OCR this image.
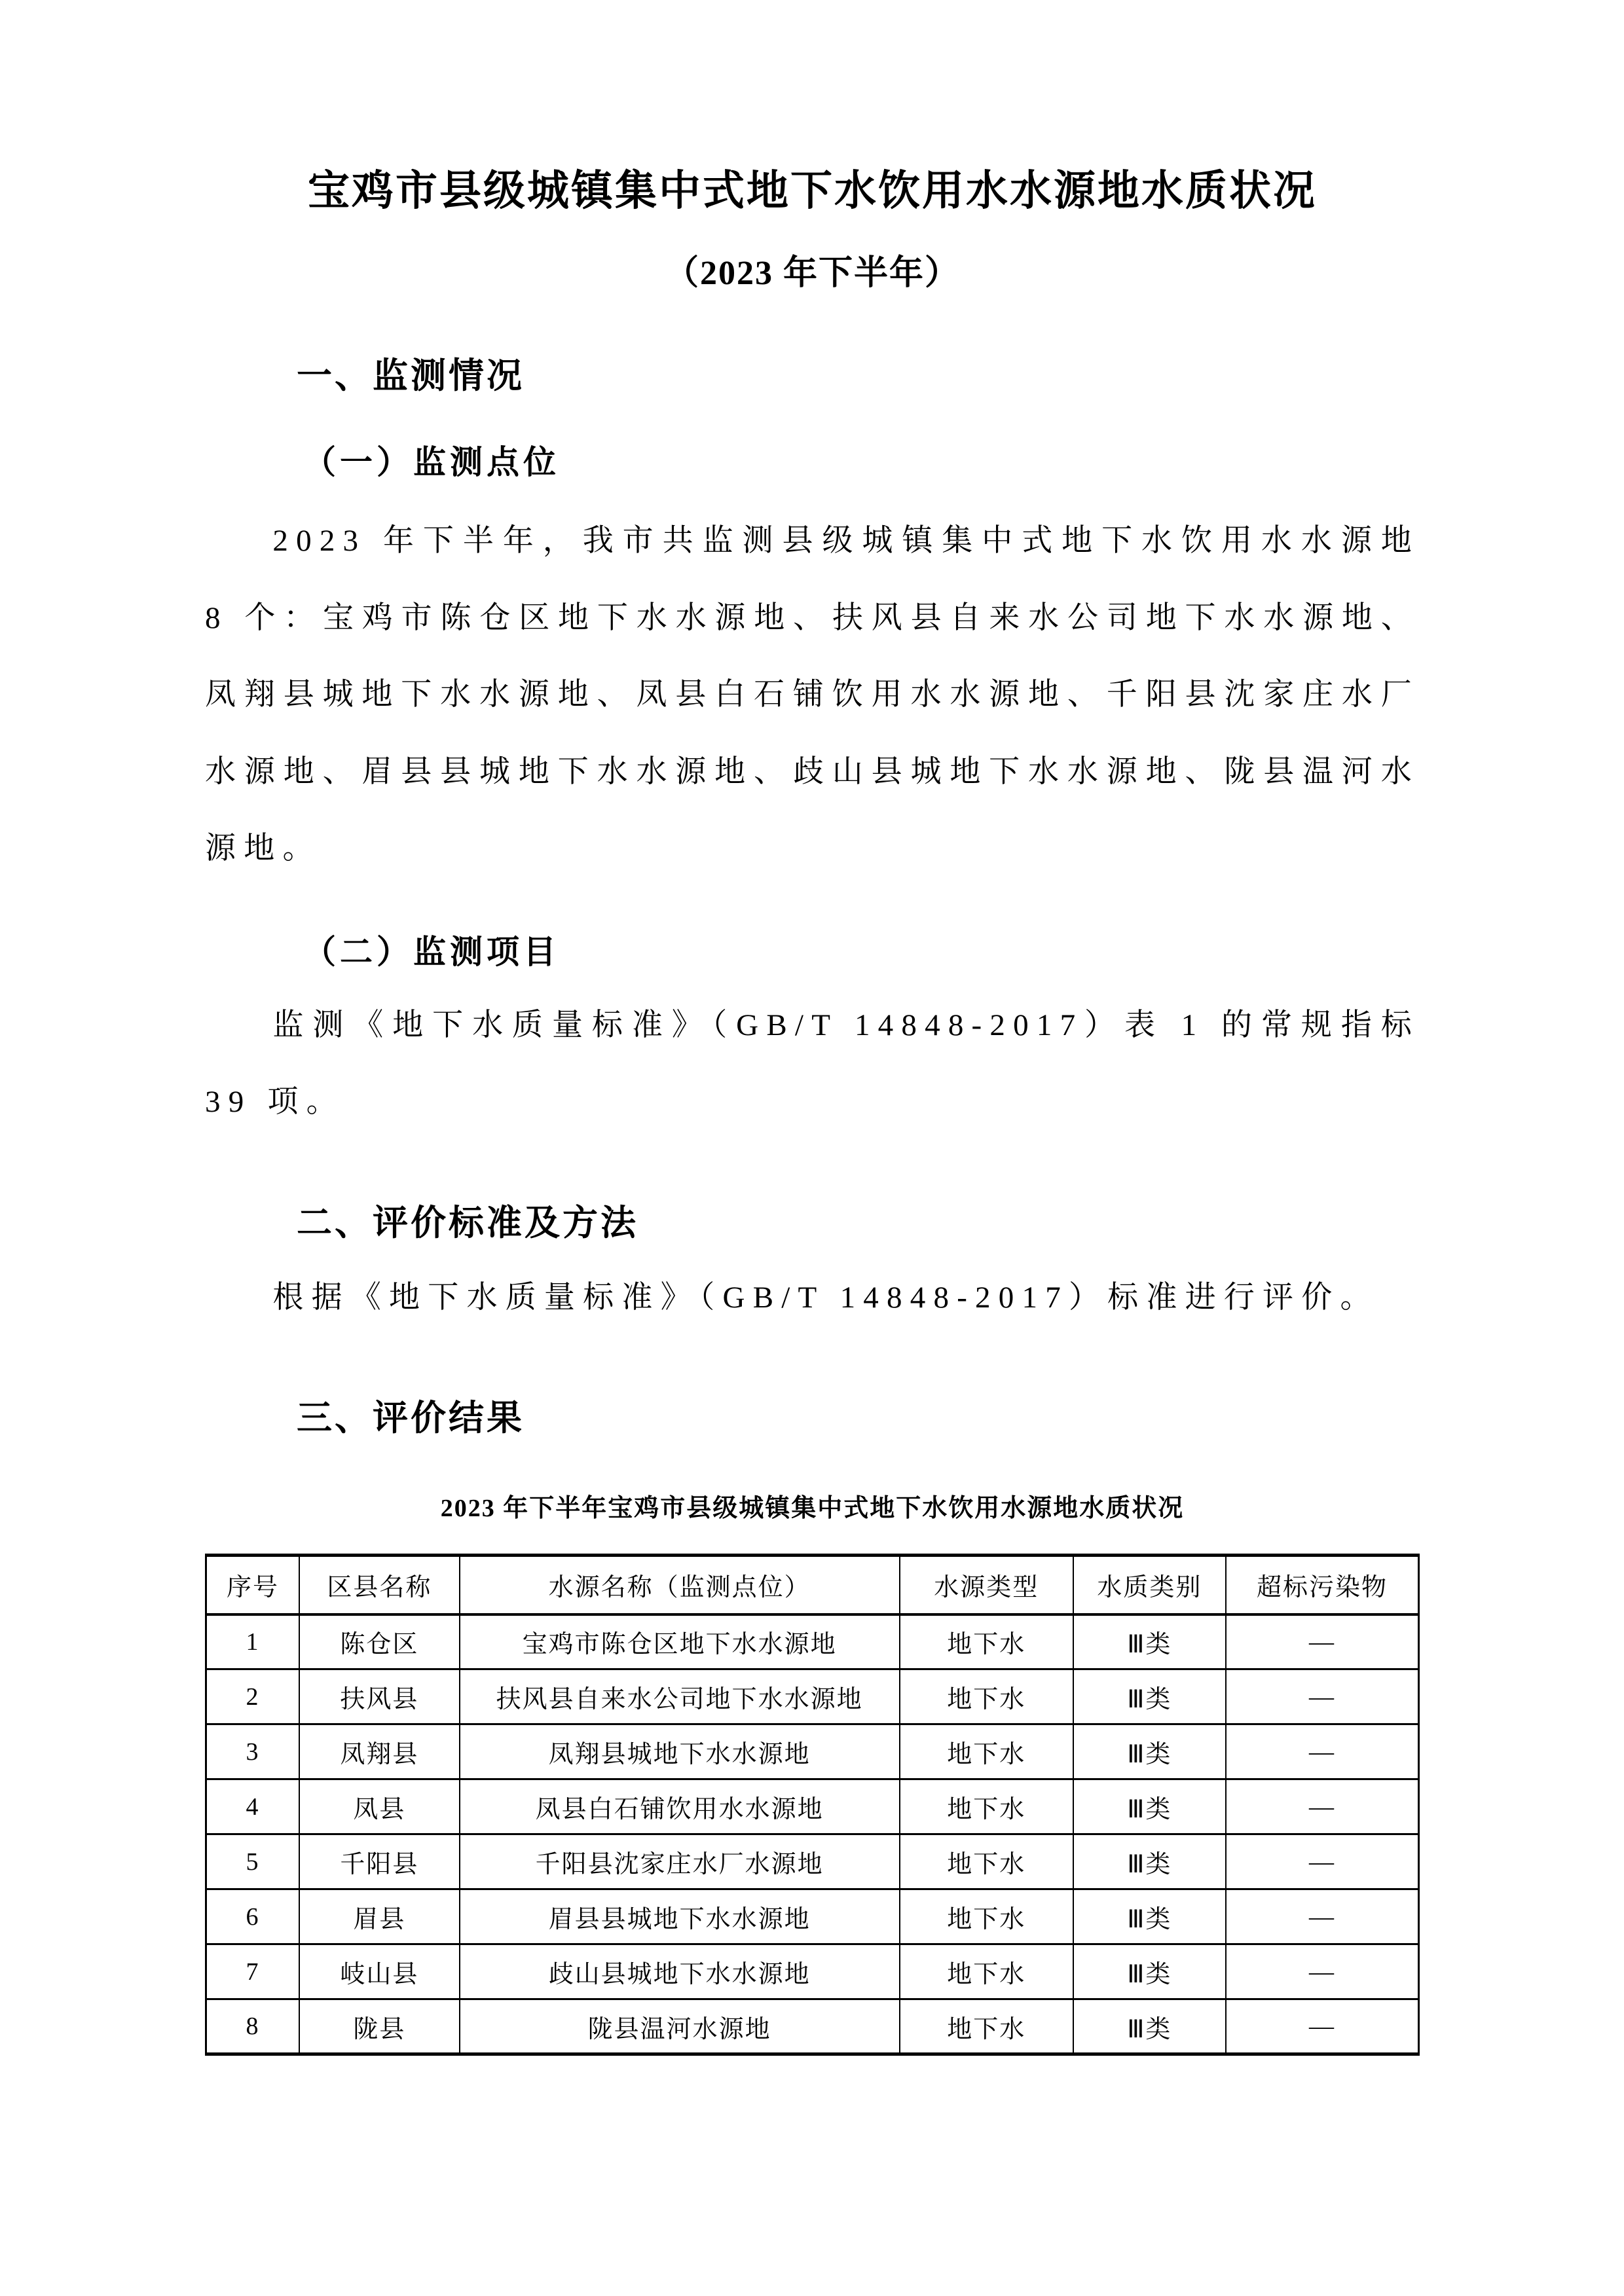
宝鸡市县级城镇集中式地下水饮用水水源地水质状况
（2023 年下半年）
一、监测情况
（一）监测点位
2023 年下半年，我市共监测县级城镇集中式地下水饮用水水源地 8 个：宝鸡市陈仓区地下水水源地、扶风县自来水公司地下水水源地、凤翔县城地下水水源地、凤县白石铺饮用水水源地、千阳县沈家庄水厂水源地、眉县县城地下水水源地、歧山县城地下水水源地、陇县温河水源地。
（二）监测项目
监测《地下水质量标准》（GB/T 14848-2017）表 1 的常规指标 39 项。
二、评价标准及方法
根据《地下水质量标准》（GB/T 14848-2017）标准进行评价。
三、评价结果
2023 年下半年宝鸡市县级城镇集中式地下水饮用水源地水质状况
序号	区县名称	水源名称（监测点位）	水源类型	水质类别	超标污染物
1	陈仓区	宝鸡市陈仓区地下水水源地	地下水	Ⅲ类	—
2	扶风县	扶风县自来水公司地下水水源地	地下水	Ⅲ类	—
3	凤翔县	凤翔县城地下水水源地	地下水	Ⅲ类	—
4	凤县	凤县白石铺饮用水水源地	地下水	Ⅲ类	—
5	千阳县	千阳县沈家庄水厂水源地	地下水	Ⅲ类	—
6	眉县	眉县县城地下水水源地	地下水	Ⅲ类	—
7	岐山县	歧山县城地下水水源地	地下水	Ⅲ类	—
8	陇县	陇县温河水源地	地下水	Ⅲ类	—
